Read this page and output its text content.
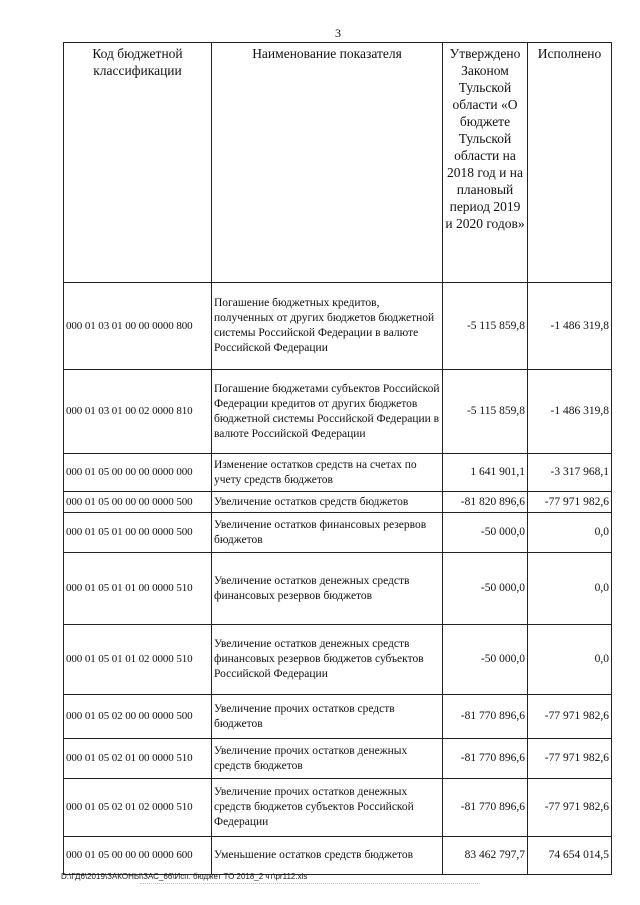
3
Код бюджетной классификации	Наименование показателя	Утверждено Законом Тульской области «О бюджете Тульской области на 2018 год и на плановый период 2019 и 2020 годов»	Исполнено
000 01 03 01 00 00 0000 800	Погашение бюджетных кредитов, полученных от других бюджетов бюджетной системы Российской Федерации в валюте Российской Федерации	-5 115 859,8	-1 486 319,8
000 01 03 01 00 02 0000 810	Погашение бюджетами субъектов Российской Федерации кредитов от других бюджетов бюджетной системы Российской Федерации в валюте Российской Федерации	-5 115 859,8	-1 486 319,8
000 01 05 00 00 00 0000 000	Изменение остатков средств на счетах по учету средств бюджетов	1 641 901,1	-3 317 968,1
000 01 05 00 00 00 0000 500	Увеличение остатков средств бюджетов	-81 820 896,6	-77 971 982,6
000 01 05 01 00 00 0000 500	Увеличение остатков финансовых резервов бюджетов	-50 000,0	0,0
000 01 05 01 01 00 0000 510	Увеличение остатков денежных средств финансовых резервов бюджетов	-50 000,0	0,0
000 01 05 01 01 02 0000 510	Увеличение остатков денежных средств финансовых резервов бюджетов субъектов Российской Федерации	-50 000,0	0,0
000 01 05 02 00 00 0000 500	Увеличение прочих остатков средств бюджетов	-81 770 896,6	-77 971 982,6
000 01 05 02 01 00 0000 510	Увеличение прочих остатков денежных средств бюджетов	-81 770 896,6	-77 971 982,6
000 01 05 02 01 02 0000 510	Увеличение прочих остатков денежных средств бюджетов субъектов Российской Федерации	-81 770 896,6	-77 971 982,6
000 01 05 00 00 00 0000 600	Уменьшение остатков средств бюджетов	83 462 797,7	74 654 014,5
D:\ГД6\2019\ЗАКОНЫ\ЗАС_66\Исп. бюджет ТО 2018_2 чт\pr112.xls
